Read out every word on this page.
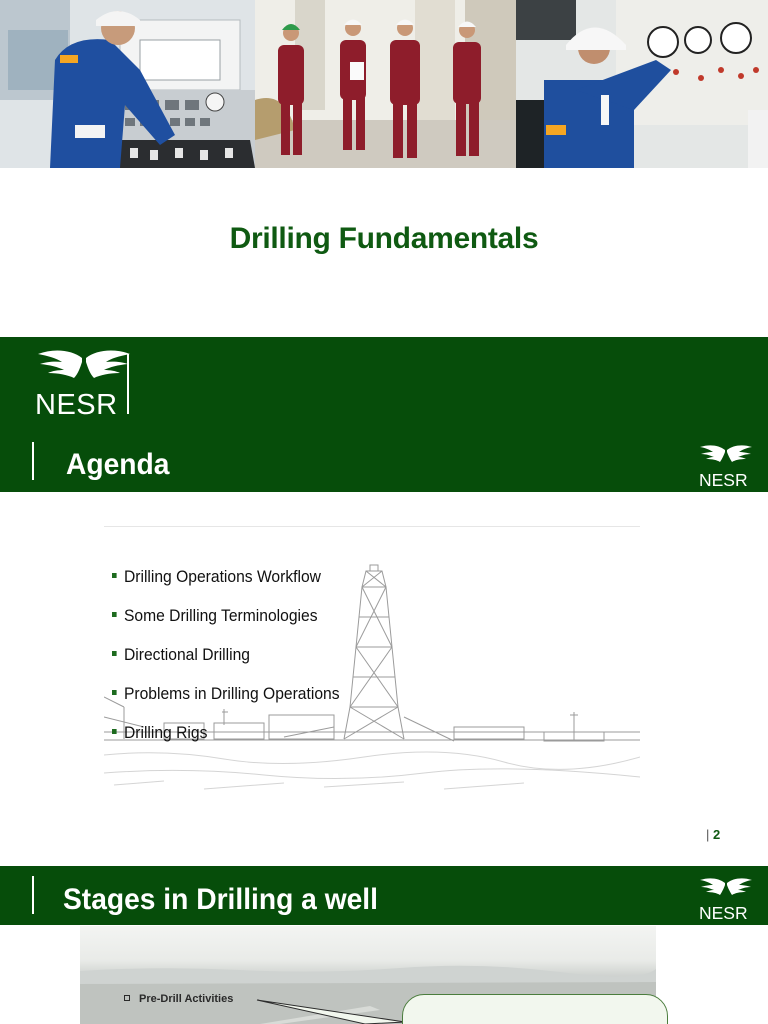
Drilling Fundamentals
NESR
Agenda	NESR
Drilling Operations Workflow
Some Drilling Terminologies
Directional Drilling
Problems in Drilling Operations
Drilling Rigs
| 2
Stages in Drilling a well	NESR
Pre-Drill Activities
